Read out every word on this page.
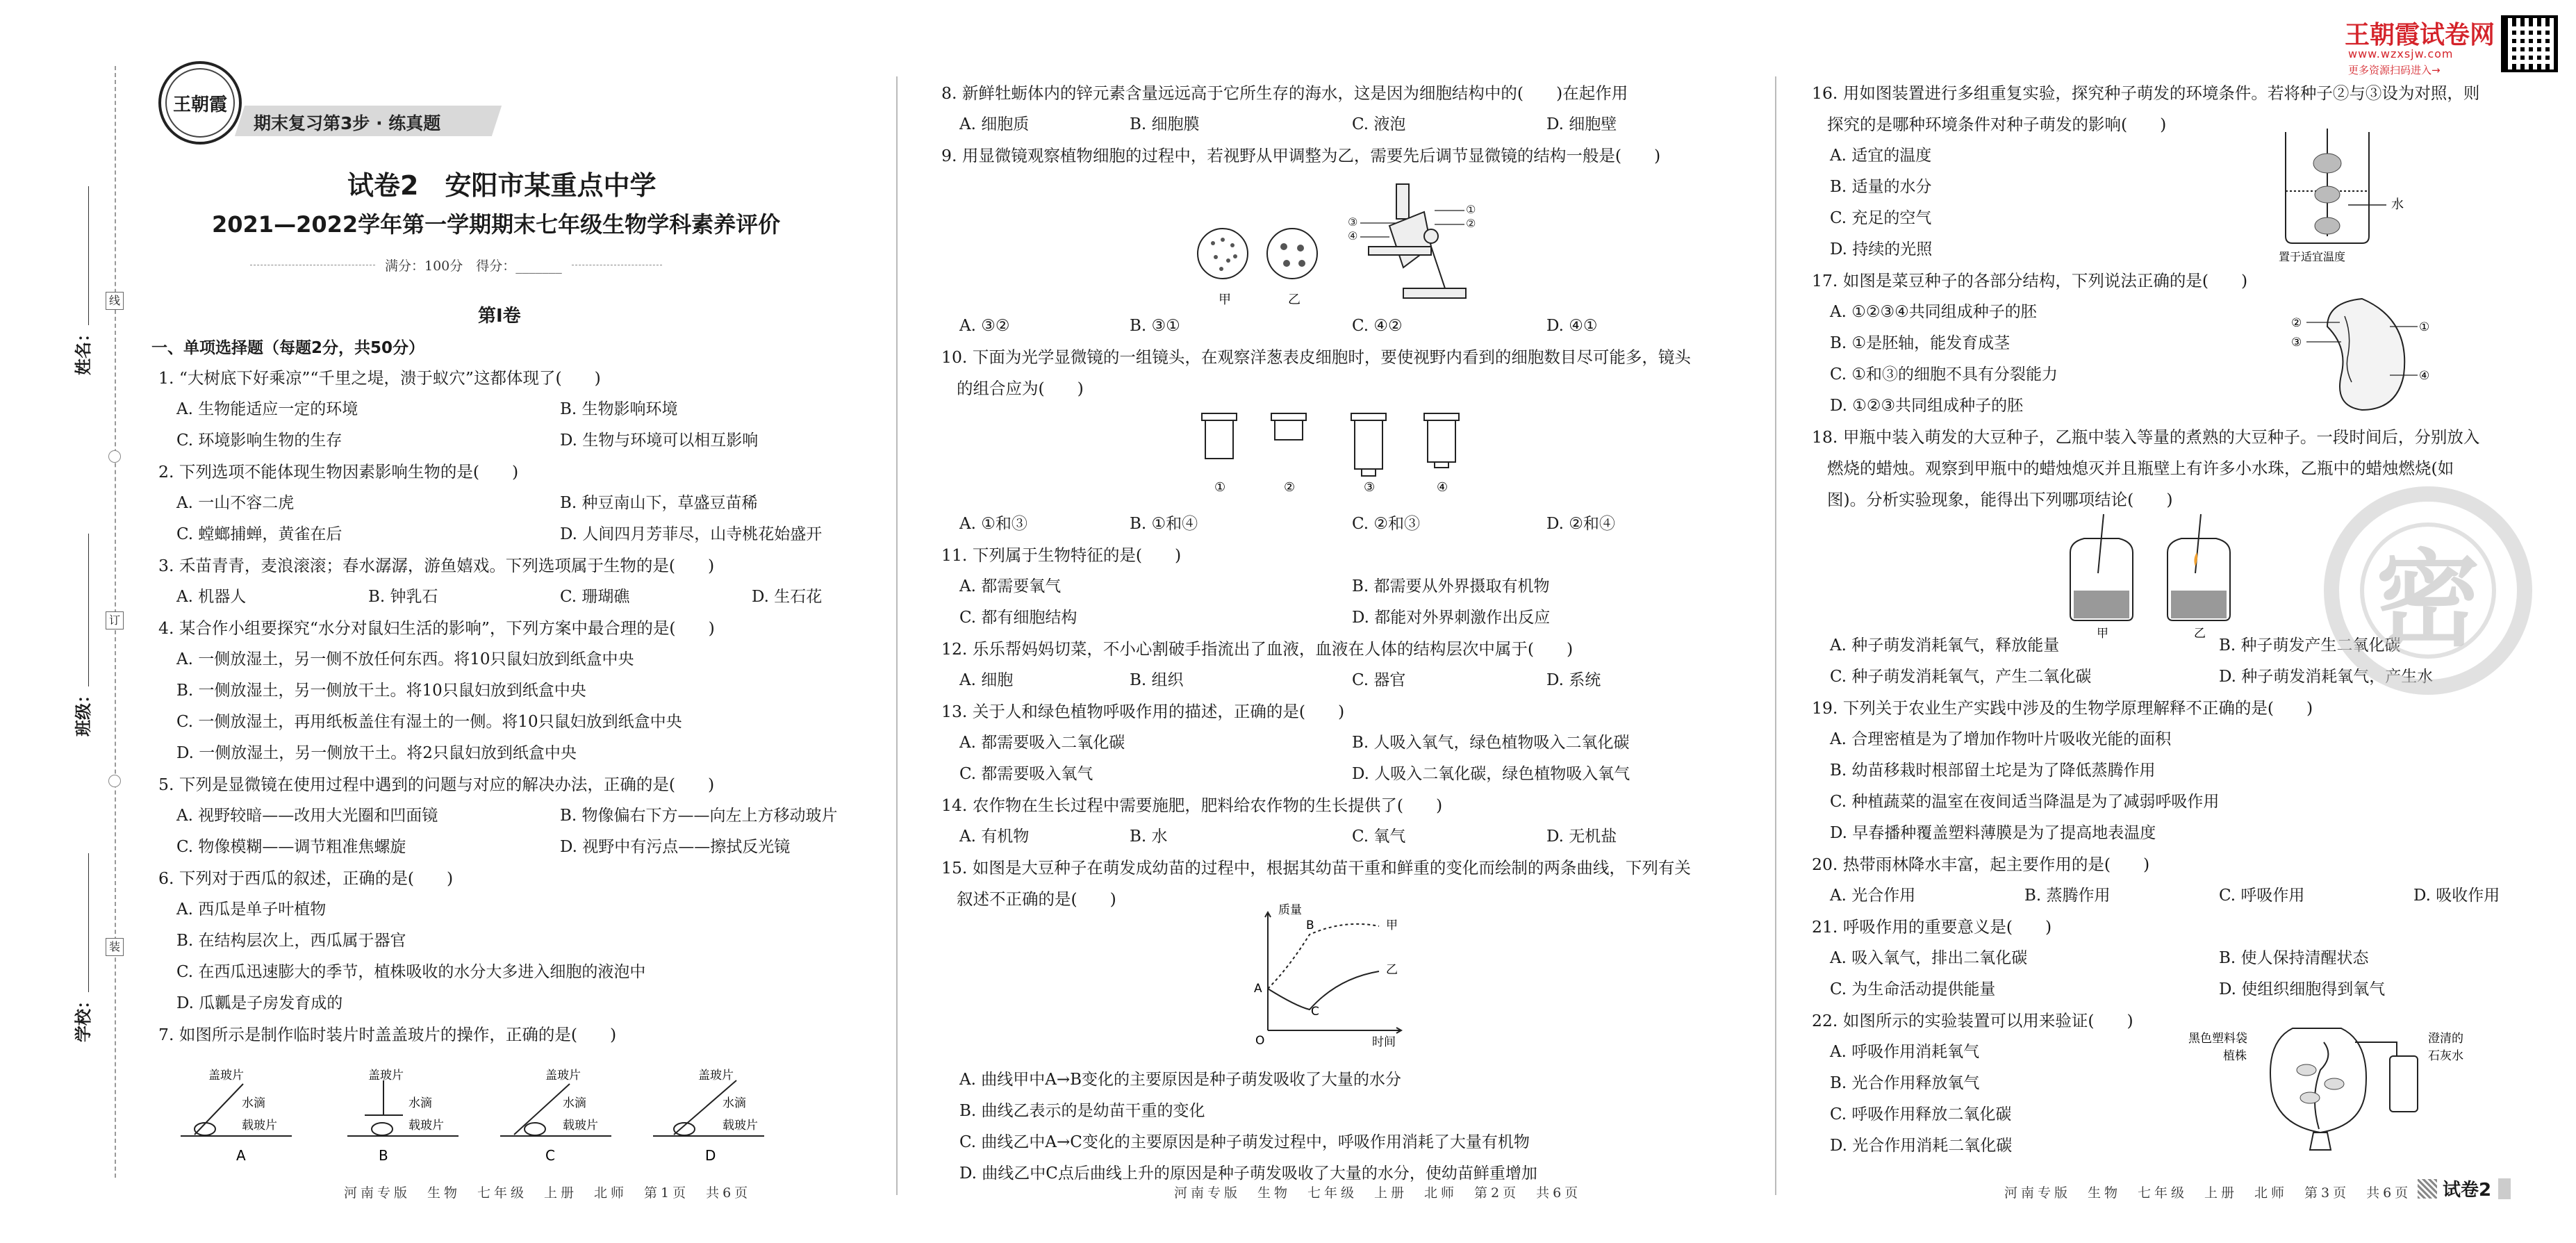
线
订
装
姓名：
班级：
学校：
王朝霞
期末复习第3步 · 练真题
试卷2　安阳市某重点中学
2021—2022学年第一学期期末七年级生物学科素养评价
满分：100分　得分：_______
第Ⅰ卷
一、单项选择题（每题2分，共50分）
1. “大树底下好乘凉”“千里之堤，溃于蚁穴”这都体现了(　　)
A. 生物能适应一定的环境	B. 生物影响环境
C. 环境影响生物的生存	D. 生物与环境可以相互影响
2. 下列选项不能体现生物因素影响生物的是(　　)
A. 一山不容二虎	B. 种豆南山下，草盛豆苗稀
C. 螳螂捕蝉，黄雀在后	D. 人间四月芳菲尽，山寺桃花始盛开
3. 禾苗青青，麦浪滚滚；春水潺潺，游鱼嬉戏。下列选项属于生物的是(　　)
A. 机器人	B. 钟乳石	C. 珊瑚礁	D. 生石花
4. 某合作小组要探究“水分对鼠妇生活的影响”，下列方案中最合理的是(　　)
A. 一侧放湿土，另一侧不放任何东西。将10只鼠妇放到纸盒中央
B. 一侧放湿土，另一侧放干土。将10只鼠妇放到纸盒中央
C. 一侧放湿土，再用纸板盖住有湿土的一侧。将10只鼠妇放到纸盒中央
D. 一侧放湿土，另一侧放干土。将2只鼠妇放到纸盒中央
5. 下列是显微镜在使用过程中遇到的问题与对应的解决办法，正确的是(　　)
A. 视野较暗——改用大光圈和凹面镜	B. 物像偏右下方——向左上方移动玻片
C. 物像模糊——调节粗准焦螺旋	D. 视野中有污点——擦拭反光镜
6. 下列对于西瓜的叙述，正确的是(　　)
A. 西瓜是单子叶植物
B. 在结构层次上，西瓜属于器官
C. 在西瓜迅速膨大的季节，植株吸收的水分大多进入细胞的液泡中
D. 瓜瓤是子房发育成的
7. 如图所示是制作临时装片时盖盖玻片的操作，正确的是(　　)
盖玻片
水滴
载玻片
盖玻片
水滴
载玻片
盖玻片
水滴
载玻片
盖玻片
水滴
载玻片
A	B	C	D
8. 新鲜牡蛎体内的锌元素含量远远高于它所生存的海水，这是因为细胞结构中的(　　)在起作用
A. 细胞质	B. 细胞膜	C. 液泡	D. 细胞壁
9. 用显微镜观察植物细胞的过程中，若视野从甲调整为乙，需要先后调节显微镜的结构一般是(　　)
A. ③②	B. ③①	C. ④②	D. ④①
10. 下面为光学显微镜的一组镜头，在观察洋葱表皮细胞时，要使视野内看到的细胞数目尽可能多，镜头
的组合应为(　　)
A. ①和③	B. ①和④	C. ②和③	D. ②和④
11. 下列属于生物特征的是(　　)
A. 都需要氧气	B. 都需要从外界摄取有机物
C. 都有细胞结构	D. 都能对外界刺激作出反应
12. 乐乐帮妈妈切菜，不小心割破手指流出了血液，血液在人体的结构层次中属于(　　)
A. 细胞	B. 组织	C. 器官	D. 系统
13. 关于人和绿色植物呼吸作用的描述，正确的是(　　)
A. 都需要吸入二氧化碳	B. 人吸入氧气，绿色植物吸入二氧化碳
C. 都需要吸入氧气	D. 人吸入二氧化碳，绿色植物吸入氧气
14. 农作物在生长过程中需要施肥，肥料给农作物的生长提供了(　　)
A. 有机物	B. 水	C. 氧气	D. 无机盐
15. 如图是大豆种子在萌发成幼苗的过程中，根据其幼苗干重和鲜重的变化而绘制的两条曲线，下列有关
叙述不正确的是(　　)
A. 曲线甲中A→B变化的主要原因是种子萌发吸收了大量的水分
B. 曲线乙表示的是幼苗干重的变化
C. 曲线乙中A→C变化的主要原因是种子萌发过程中，呼吸作用消耗了大量有机物
D. 曲线乙中C点后曲线上升的原因是种子萌发吸收了大量的水分，使幼苗鲜重增加
甲	乙
①
②
③
④
①	②	③	④
质量
时间
甲
乙
A
B
C
O
16. 用如图装置进行多组重复实验，探究种子萌发的环境条件。若将种子②与③设为对照，则
探究的是哪种环境条件对种子萌发的影响(　　)
A. 适宜的温度
B. 适量的水分
C. 充足的空气
D. 持续的光照
17. 如图是菜豆种子的各部分结构，下列说法正确的是(　　)
A. ①②③④共同组成种子的胚
B. ①是胚轴，能发育成茎
C. ①和③的细胞不具有分裂能力
D. ①②③共同组成种子的胚
18. 甲瓶中装入萌发的大豆种子，乙瓶中装入等量的煮熟的大豆种子。一段时间后，分别放入
燃烧的蜡烛。观察到甲瓶中的蜡烛熄灭并且瓶壁上有许多小水珠，乙瓶中的蜡烛燃烧(如
图)。分析实验现象，能得出下列哪项结论(　　)
A. 种子萌发消耗氧气，释放能量	B. 种子萌发产生二氧化碳
C. 种子萌发消耗氧气，产生二氧化碳	D. 种子萌发消耗氧气，产生水
19. 下列关于农业生产实践中涉及的生物学原理解释不正确的是(　　)
A. 合理密植是为了增加作物叶片吸收光能的面积
B. 幼苗移栽时根部留土坨是为了降低蒸腾作用
C. 种植蔬菜的温室在夜间适当降温是为了减弱呼吸作用
D. 早春播种覆盖塑料薄膜是为了提高地表温度
20. 热带雨林降水丰富，起主要作用的是(　　)
A. 光合作用	B. 蒸腾作用	C. 呼吸作用	D. 吸收作用
21. 呼吸作用的重要意义是(　　)
A. 吸入氧气，排出二氧化碳	B. 使人保持清醒状态
C. 为生命活动提供能量	D. 使组织细胞得到氧气
22. 如图所示的实验装置可以用来验证(　　)
A. 呼吸作用消耗氧气
B. 光合作用释放氧气
C. 呼吸作用释放二氧化碳
D. 光合作用消耗二氧化碳
水
置于适宜温度
②
③
①
④
甲	乙
黑色塑料袋
植株
澄清的
石灰水
王朝霞试卷网
www.wzxsjw.com
更多资源扫码进入→
密
河南专版　生物　七年级　上册　北师　第1页　共6页	河南专版　生物　七年级　上册　北师　第2页　共6页	河南专版　生物　七年级　上册　北师　第3页　共6页 试卷2
